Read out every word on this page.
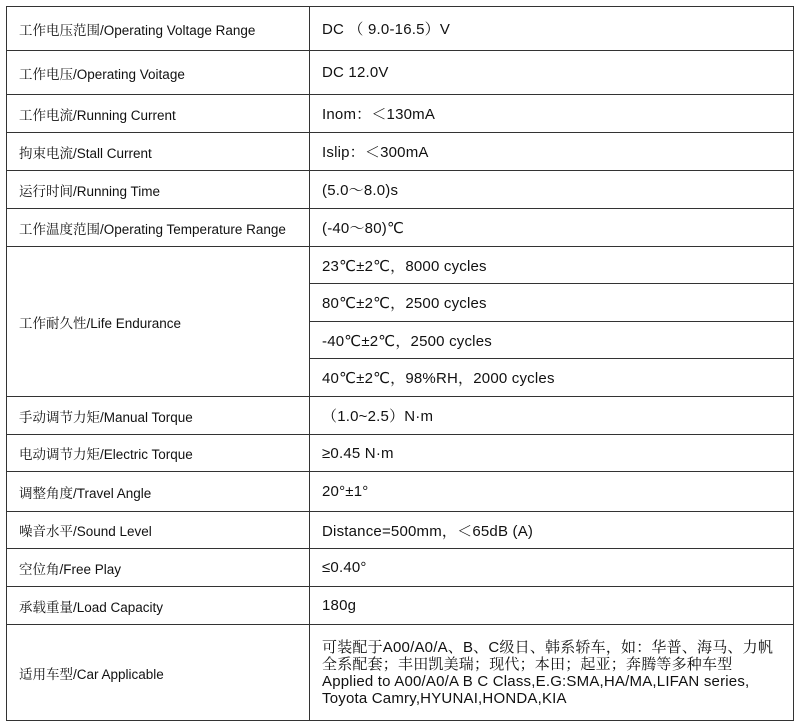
工作电压范围/Operating Voltage Range	DC （ 9.0-16.5）V
工作电压/Operating Voitage	DC 12.0V
工作电流/Running Current	Inom：＜130mA
拘束电流/Stall Current	Islip：＜300mA
运行时间/Running Time	(5.0～8.0)s
工作温度范围/Operating Temperature Range	(-40～80)℃
工作耐久性/Life Endurance	23℃±2℃，8000 cycles
	80℃±2℃，2500 cycles
	-40℃±2℃，2500 cycles
	40℃±2℃，98%RH，2000 cycles
手动调节力矩/Manual Torque	（1.0~2.5）N·m
电动调节力矩/Electric Torque	≥0.45 N·m
调整角度/Travel Angle	20°±1°
噪音水平/Sound Level	Distance=500mm，＜65dB (A)
空位角/Free Play	≤0.40°
承载重量/Load Capacity	180g
适用车型/Car Applicable	可装配于A00/A0/A、B、C级日、韩系轿车，如：华普、海马、力帆
全系配套；丰田凯美瑞；现代；本田；起亚；奔腾等多种车型
Applied to A00/A0/A B C Class,E.G:SMA,HA/MA,LIFAN series,
Toyota Camry,HYUNAI,HONDA,KIA
